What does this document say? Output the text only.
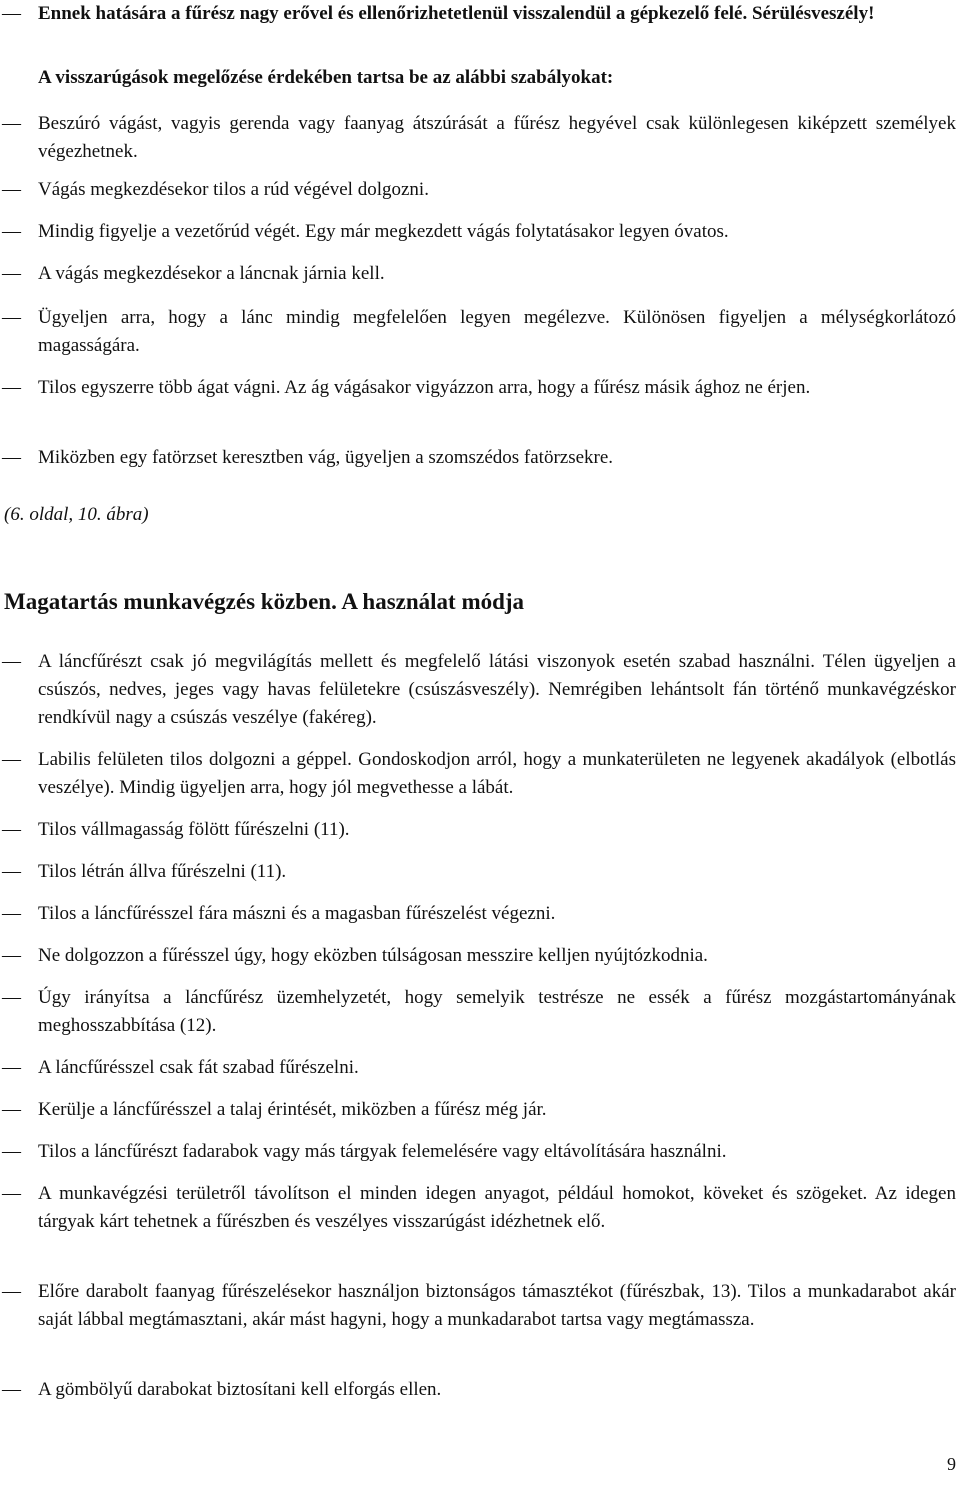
— Ennek hatására a fűrész nagy erővel és ellenőrizhetetlenül visszalendül a gépkezelő felé. Sérülésveszély!
A visszarúgások megelőzése érdekében tartsa be az alábbi szabályokat:
— Beszúró vágást, vagyis gerenda vagy faanyag átszúrását a fűrész hegyével csak különlegesen kiképzett személyek végezhetnek.
— Vágás megkezdésekor tilos a rúd végével dolgozni.
— Mindig figyelje a vezetőrúd végét. Egy már megkezdett vágás folytatásakor legyen óvatos.
— A vágás megkezdésekor a láncnak járnia kell.
— Ügyeljen arra, hogy a lánc mindig megfelelően legyen megélezve. Különösen figyeljen a mélységkorlátozó magasságára.
— Tilos egyszerre több ágat vágni. Az ág vágásakor vigyázzon arra, hogy a fűrész másik ághoz ne érjen.
— Miközben egy fatörzset keresztben vág, ügyeljen a szomszédos fatörzsekre.
(6. oldal, 10. ábra)
Magatartás munkavégzés közben. A használat módja
— A láncfűrészt csak jó megvilágítás mellett és megfelelő látási viszonyok esetén szabad használni. Télen ügyeljen a csúszós, nedves, jeges vagy havas felületekre (csúszásveszély). Nemrégiben lehántsolt fán történő munkavégzéskor rendkívül nagy a csúszás veszélye (fakéreg).
— Labilis felületen tilos dolgozni a géppel. Gondoskodjon arról, hogy a munkaterületen ne legyenek akadályok (elbotlás veszélye). Mindig ügyeljen arra, hogy jól megvethesse a lábát.
— Tilos vállmagasság fölött fűrészelni (11).
— Tilos létrán állva fűrészelni (11).
— Tilos a láncfűrésszel fára mászni és a magasban fűrészelést végezni.
— Ne dolgozzon a fűrésszel úgy, hogy eközben túlságosan messzire kelljen nyújtózkodnia.
— Úgy irányítsa a láncfűrész üzemhelyzetét, hogy semelyik testrésze ne essék a fűrész mozgástartományának meghosszabbítása (12).
— A láncfűrésszel csak fát szabad fűrészelni.
— Kerülje a láncfűrésszel a talaj érintését, miközben a fűrész még jár.
— Tilos a láncfűrészt fadarabok vagy más tárgyak felemelésére vagy eltávolítására használni.
— A munkavégzési területről távolítson el minden idegen anyagot, például homokot, köveket és szögeket. Az idegen tárgyak kárt tehetnek a fűrészben és veszélyes visszarúgást idézhetnek elő.
— Előre darabolt faanyag fűrészelésekor használjon biztonságos támasztékot (fűrészbak, 13). Tilos a munkadarabot akár saját lábbal megtámasztani, akár mást hagyni, hogy a munkadarabot tartsa vagy megtámassza.
— A gömbölyű darabokat biztosítani kell elforgás ellen.
9
